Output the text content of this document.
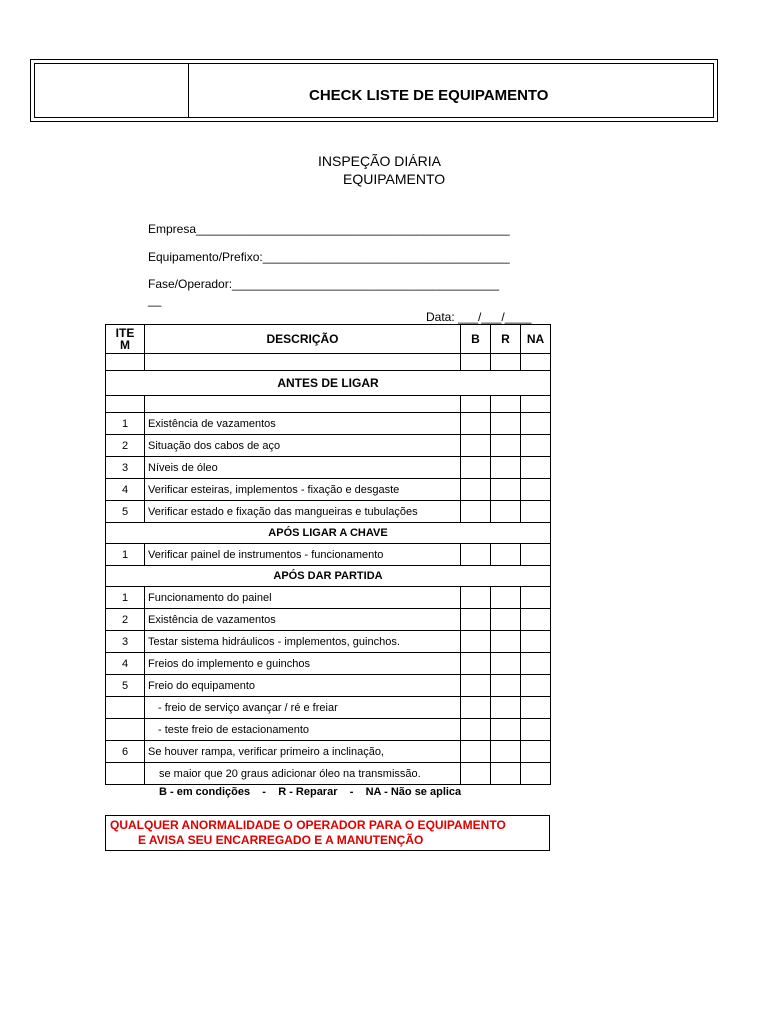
CHECK LISTE DE EQUIPAMENTO
INSPEÇÃO DIÁRIA
EQUIPAMENTO
Empresa_______________________________________________
Equipamento/Prefixo:_____________________________________
Fase/Operador:________________________________________
__
Data: ___/___/____
ITE
M	DESCRIÇÃO	B	R	NA

ANTES DE LIGAR				

1	Existência de vazamentos			
2	Situação dos cabos de aço			
3	Níveis de óleo			
4	Verificar esteiras, implementos - fixação e desgaste			
5	Verificar estado e fixação das mangueiras e tubulações			
APÓS LIGAR A CHAVE				
1	Verificar painel de instrumentos - funcionamento			
APÓS DAR PARTIDA				
1	Funcionamento do painel			
2	Existência de vazamentos			
3	Testar sistema hidráulicos - implementos, guinchos.			
4	Freios do implemento e guinchos			
5	Freio do equipamento			
	- freio de serviço avançar / ré e freiar			
	- teste freio de estacionamento			
6	Se houver rampa, verificar primeiro a inclinação,			
	se maior que 20 graus adicionar óleo na transmissão.			
B - em condições    -    R - Reparar    -    NA - Não se aplica
QUALQUER ANORMALIDADE O OPERADOR PARA O EQUIPAMENTO
E AVISA SEU ENCARREGADO E A MANUTENÇÃO
